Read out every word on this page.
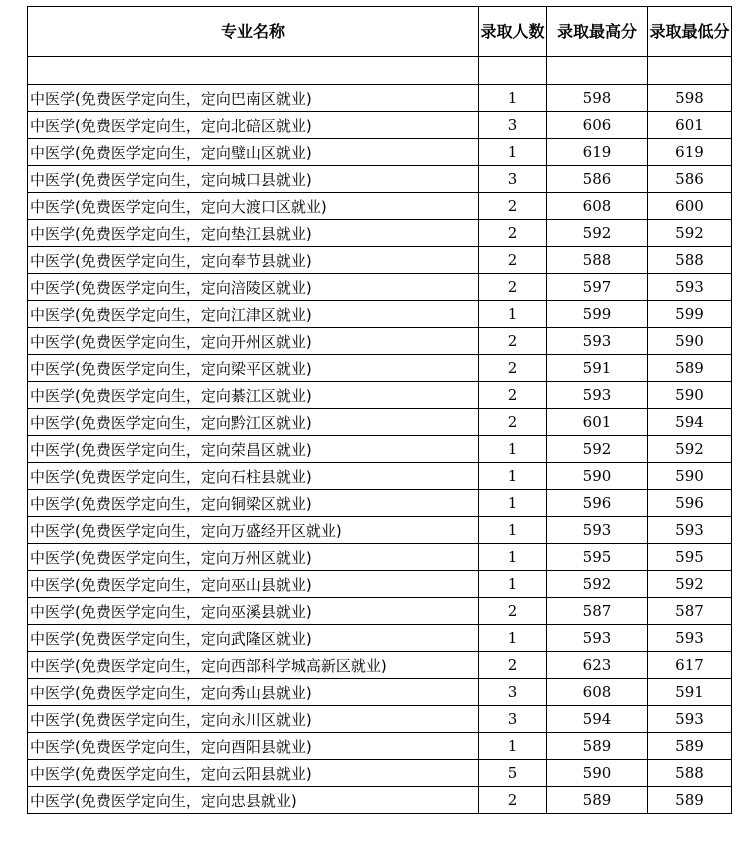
专业名称	录取人数	录取最高分	录取最低分

中医学(免费医学定向生，定向巴南区就业)	1	598	598
中医学(免费医学定向生，定向北碚区就业)	3	606	601
中医学(免费医学定向生，定向璧山区就业)	1	619	619
中医学(免费医学定向生，定向城口县就业)	3	586	586
中医学(免费医学定向生，定向大渡口区就业)	2	608	600
中医学(免费医学定向生，定向垫江县就业)	2	592	592
中医学(免费医学定向生，定向奉节县就业)	2	588	588
中医学(免费医学定向生，定向涪陵区就业)	2	597	593
中医学(免费医学定向生，定向江津区就业)	1	599	599
中医学(免费医学定向生，定向开州区就业)	2	593	590
中医学(免费医学定向生，定向梁平区就业)	2	591	589
中医学(免费医学定向生，定向綦江区就业)	2	593	590
中医学(免费医学定向生，定向黔江区就业)	2	601	594
中医学(免费医学定向生，定向荣昌区就业)	1	592	592
中医学(免费医学定向生，定向石柱县就业)	1	590	590
中医学(免费医学定向生，定向铜梁区就业)	1	596	596
中医学(免费医学定向生，定向万盛经开区就业)	1	593	593
中医学(免费医学定向生，定向万州区就业)	1	595	595
中医学(免费医学定向生，定向巫山县就业)	1	592	592
中医学(免费医学定向生，定向巫溪县就业)	2	587	587
中医学(免费医学定向生，定向武隆区就业)	1	593	593
中医学(免费医学定向生，定向西部科学城高新区就业)	2	623	617
中医学(免费医学定向生，定向秀山县就业)	3	608	591
中医学(免费医学定向生，定向永川区就业)	3	594	593
中医学(免费医学定向生，定向酉阳县就业)	1	589	589
中医学(免费医学定向生，定向云阳县就业)	5	590	588
中医学(免费医学定向生，定向忠县就业)	2	589	589
